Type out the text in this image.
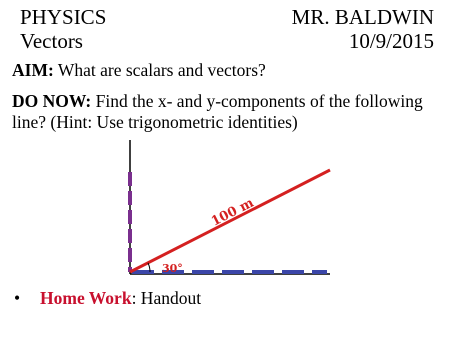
PHYSICS	MR. BALDWIN
Vectors	10/9/2015
AIM: What are scalars and vectors?
DO NOW: Find the x- and y-components of the following line? (Hint: Use trigonometric identities)
100 m
30°
• Home Work: Handout
